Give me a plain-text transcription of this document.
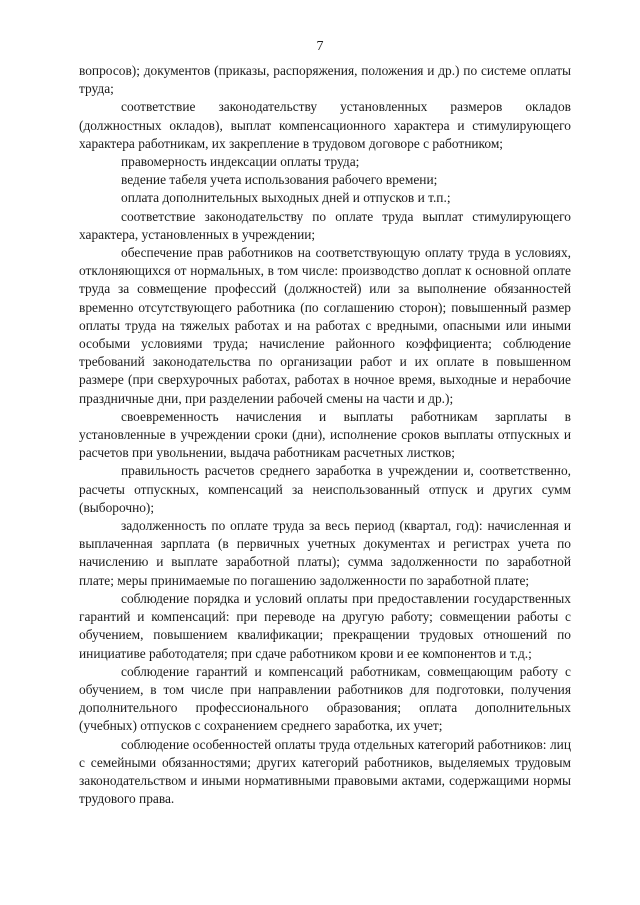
7

вопросов); документов (приказы, распоряжения, положения и др.) по системе оплаты труда;

соответствие законодательству установленных размеров окладов (должностных окладов), выплат компенсационного характера и стимулирующего характера работникам, их закрепление в трудовом договоре с работником;

правомерность индексации оплаты труда;

ведение табеля учета использования рабочего времени;

оплата дополнительных выходных дней и отпусков и т.п.;

соответствие законодательству по оплате труда выплат стимулирующего характера, установленных в учреждении;

обеспечение прав работников на соответствующую оплату труда в условиях, отклоняющихся от нормальных, в том числе: производство доплат к основной оплате труда за совмещение профессий (должностей) или за выполнение обязанностей временно отсутствующего работника (по соглашению сторон); повышенный размер оплаты труда на тяжелых работах и на работах с вредными, опасными или иными особыми условиями труда; начисление районного коэффициента; соблюдение требований законодательства по организации работ и их оплате в повышенном размере (при сверхурочных работах, работах в ночное время, выходные и нерабочие праздничные дни, при разделении рабочей смены на части и др.);

своевременность начисления и выплаты работникам зарплаты в установленные в учреждении сроки (дни), исполнение сроков выплаты отпускных и расчетов при увольнении, выдача работникам расчетных листков;

правильность расчетов среднего заработка в учреждении и, соответственно, расчеты отпускных, компенсаций за неиспользованный отпуск и других сумм (выборочно);

задолженность по оплате труда за весь период (квартал, год): начисленная и выплаченная зарплата (в первичных учетных документах и регистрах учета по начислению и выплате заработной платы); сумма задолженности по заработной плате; меры принимаемые по погашению задолженности по заработной плате;

соблюдение порядка и условий оплаты при предоставлении государственных гарантий и компенсаций: при переводе на другую работу; совмещении работы с обучением, повышением квалификации; прекращении трудовых отношений по инициативе работодателя; при сдаче работником крови и ее компонентов и т.д.;

соблюдение гарантий и компенсаций работникам, совмещающим работу с обучением, в том числе при направлении работников для подготовки, получения дополнительного профессионального образования; оплата дополнительных (учебных) отпусков с сохранением среднего заработка, их учет;

соблюдение особенностей оплаты труда отдельных категорий работников: лиц с семейными обязанностями; других категорий работников, выделяемых трудовым законодательством и иными нормативными правовыми актами, содержащими нормы трудового права.
